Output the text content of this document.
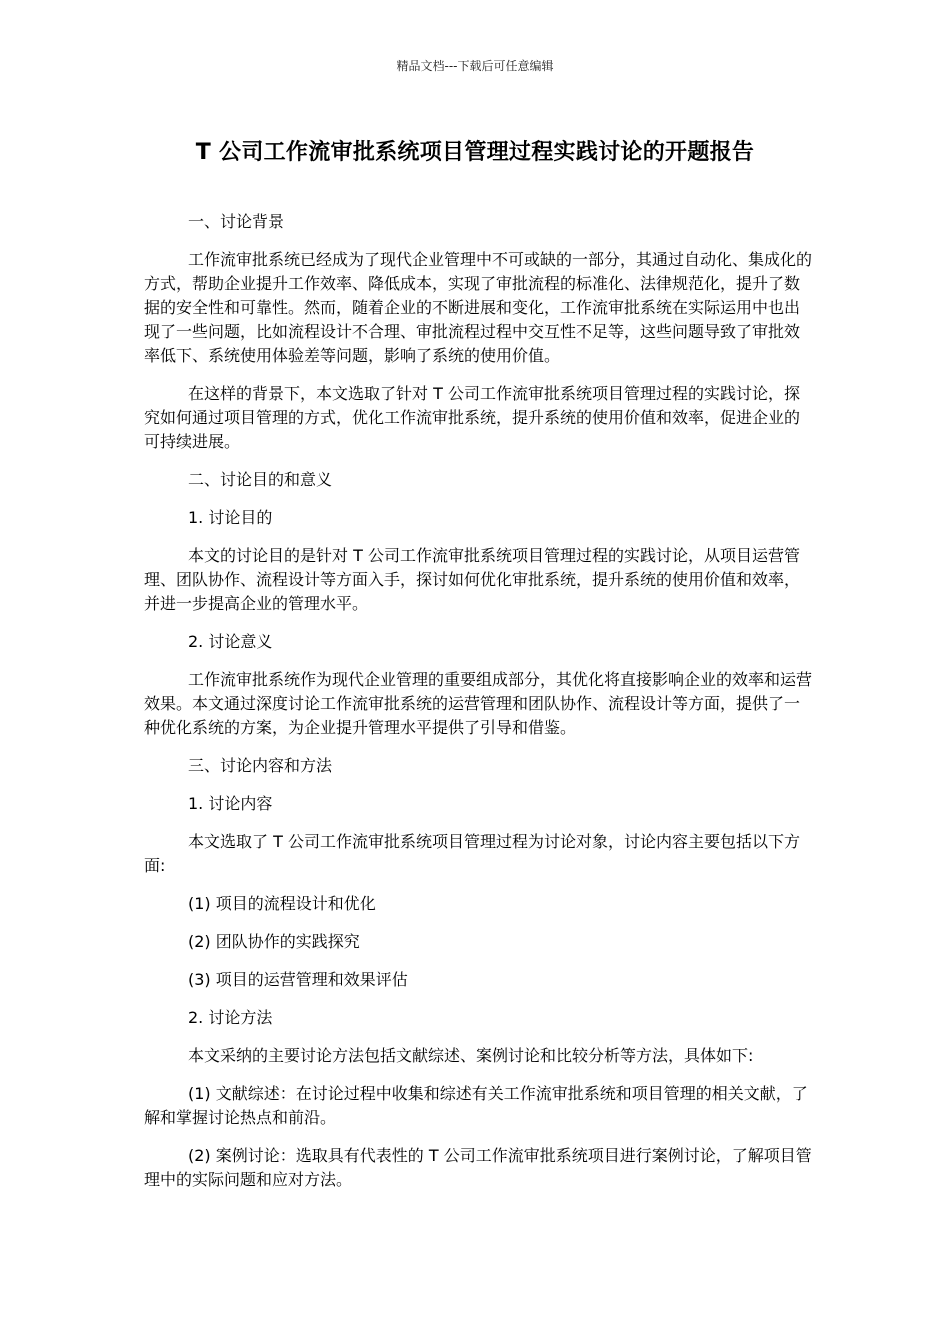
精品文档---下载后可任意编辑
T 公司工作流审批系统项目管理过程实践讨论的开题报告

一、讨论背景

工作流审批系统已经成为了现代企业管理中不可或缺的一部分，其通过自动化、集成化的方式，帮助企业提升工作效率、降低成本，实现了审批流程的标准化、法律规范化，提升了数据的安全性和可靠性。然而，随着企业的不断进展和变化，工作流审批系统在实际运用中也出现了一些问题，比如流程设计不合理、审批流程过程中交互性不足等，这些问题导致了审批效率低下、系统使用体验差等问题，影响了系统的使用价值。

在这样的背景下，本文选取了针对 T 公司工作流审批系统项目管理过程的实践讨论，探究如何通过项目管理的方式，优化工作流审批系统，提升系统的使用价值和效率，促进企业的可持续进展。

二、讨论目的和意义

1. 讨论目的

本文的讨论目的是针对 T 公司工作流审批系统项目管理过程的实践讨论，从项目运营管理、团队协作、流程设计等方面入手，探讨如何优化审批系统，提升系统的使用价值和效率，并进一步提高企业的管理水平。

2. 讨论意义

工作流审批系统作为现代企业管理的重要组成部分，其优化将直接影响企业的效率和运营效果。本文通过深度讨论工作流审批系统的运营管理和团队协作、流程设计等方面，提供了一种优化系统的方案，为企业提升管理水平提供了引导和借鉴。

三、讨论内容和方法

1. 讨论内容

本文选取了 T 公司工作流审批系统项目管理过程为讨论对象，讨论内容主要包括以下方面:

(1) 项目的流程设计和优化

(2) 团队协作的实践探究

(3) 项目的运营管理和效果评估

2. 讨论方法

本文采纳的主要讨论方法包括文献综述、案例讨论和比较分析等方法，具体如下:

(1) 文献综述：在讨论过程中收集和综述有关工作流审批系统和项目管理的相关文献，了解和掌握讨论热点和前沿。

(2) 案例讨论：选取具有代表性的 T 公司工作流审批系统项目进行案例讨论，了解项目管理中的实际问题和应对方法。
